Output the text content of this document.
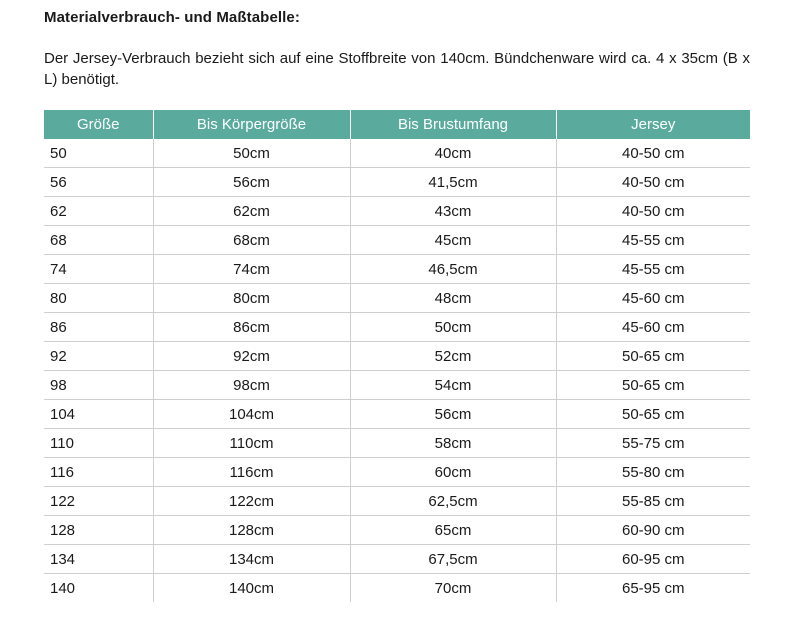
Materialverbrauch- und Maßtabelle:
Der Jersey-Verbrauch bezieht sich auf eine Stoffbreite von 140cm. Bündchenware wird ca. 4 x 35cm (B x L) benötigt.
Größe	Bis Körpergröße	Bis Brustumfang	Jersey
50	50cm	40cm	40-50 cm
56	56cm	41,5cm	40-50 cm
62	62cm	43cm	40-50 cm
68	68cm	45cm	45-55 cm
74	74cm	46,5cm	45-55 cm
80	80cm	48cm	45-60 cm
86	86cm	50cm	45-60 cm
92	92cm	52cm	50-65 cm
98	98cm	54cm	50-65 cm
104	104cm	56cm	50-65 cm
110	110cm	58cm	55-75 cm
116	116cm	60cm	55-80 cm
122	122cm	62,5cm	55-85 cm
128	128cm	65cm	60-90 cm
134	134cm	67,5cm	60-95 cm
140	140cm	70cm	65-95 cm
